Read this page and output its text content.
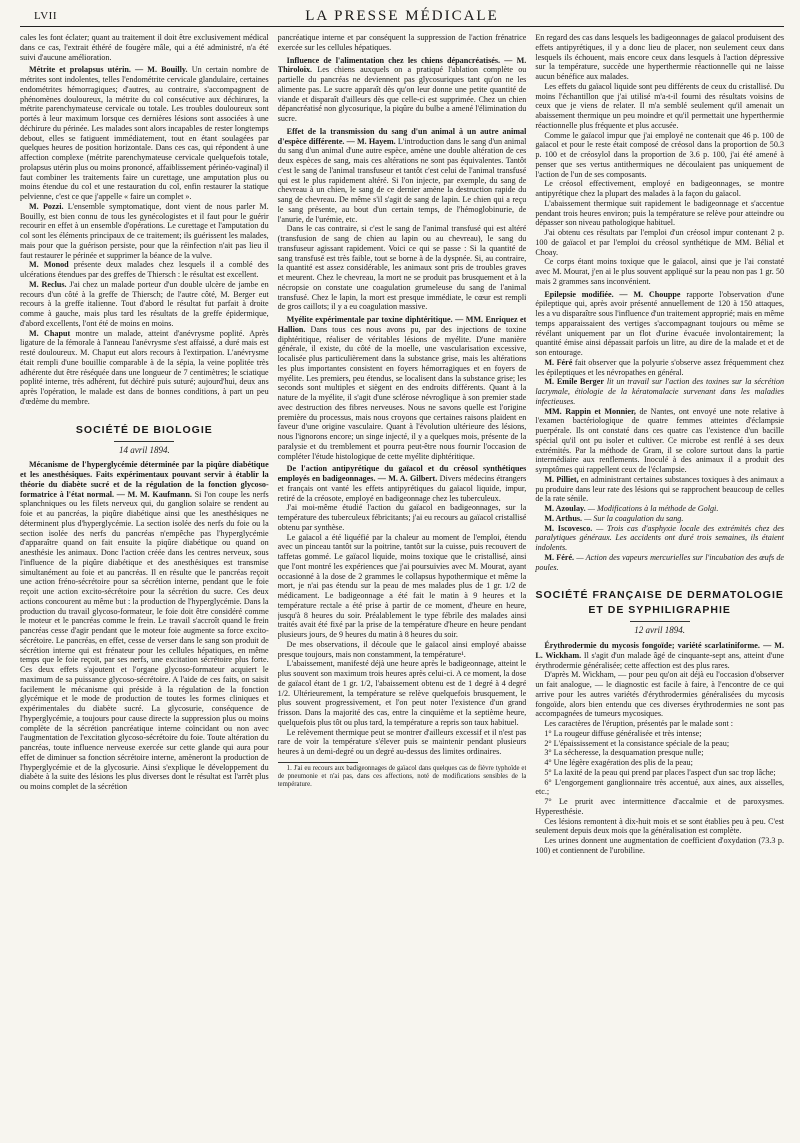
LVII	LA PRESSE MÉDICALE

cales les font éclater; quant au traitement il doit être exclusivement médical dans ce cas, l'extrait éthéré de fougère mâle, qui a été administré, n'a été suivi d'aucune amélioration.

Métrite et prolapsus utérin. — M. Bouilly. Un certain nombre de métrites sont indolentes, telles l'endométrite cervicale glandulaire, certaines endométrites hémorragiques; d'autres, au contraire, s'accompagnent de phénomènes douloureux, la métrite du col consécutive aux déchirures, la métrite parenchymateuse cervicale ou totale. Les troubles douloureux sont portés à leur maximum lorsque ces dernières lésions sont associées à une déchirure du périnée. Les malades sont alors incapables de rester longtemps debout, elles se fatiguent immédiatement, tout en étant soulagées par quelques heures de position horizontale. Dans ces cas, qui répondent à une affection complexe (métrite parenchymateuse cervicale quelquefois totale, prolapsus utérin plus ou moins prononcé, affaiblissement périnéo-vaginal) il faut combiner les traitements faire un curettage, une amputation plus ou moins étendue du col et une restauration du col, enfin restaurer la statique pelvienne, c'est ce que j'appelle « faire un complet ».

M. Pozzi. L'ensemble symptomatique, dont vient de nous parler M. Bouilly, est bien connu de tous les gynécologistes et il faut pour le guérir recourir en effet à un ensemble d'opérations. Le curettage et l'amputation du col sont les éléments principaux de ce traitement; ils guérissent les malades, mais pour que la guérison persiste, pour que la réinfection n'ait pas lieu il faut restaurer le périnée et supprimer la béance de la vulve.

M. Monod présente deux malades chez lesquels il a comblé des ulcérations étendues par des greffes de Thiersch : le résultat est excellent.

M. Reclus. J'ai chez un malade porteur d'un double ulcère de jambe en recours d'un côté à la greffe de Thiersch; de l'autre côté, M. Berger eut recours à la greffe italienne. Tout d'abord le résultat fut parfait à droite comme à gauche, mais plus tard les résultats de la greffe épidermique, d'abord excellents, l'ont été de moins en moins.

M. Chaput montre un malade, atteint d'anévrysme poplité. Après ligature de la fémorale à l'anneau l'anévrysme s'est affaissé, a duré mais est resté douloureux. M. Chaput eut alors recours à l'extirpation. L'anévrysme était rempli d'une bouillie comparable à de la sépia, la veine poplitée très adhérente dut être réséquée dans une longueur de 7 centimètres; le sciatique poplité interne, très adhérent, fut déchiré puis suturé; aujourd'hui, deux ans après l'opération, le malade est dans de bonnes conditions, à part un peu d'œdème du membre.

SOCIÉTÉ DE BIOLOGIE
14 avril 1894.

Mécanisme de l'hyperglycémie déterminée par la piqûre diabétique et les anesthésiques. Faits expérimentaux pouvant servir à établir la théorie du diabète sucré et de la régulation de la fonction glycoso-formatrice à l'état normal. — M. M. Kaufmann. Si l'on coupe les nerfs splanchniques ou les filets nerveux qui, du ganglion solaire se rendent au foie et au pancréas, la piqûre diabétique ainsi que les anesthésiques ne déterminent plus d'hyperglycémie. La section isolée des nerfs du foie ou la section isolée des nerfs du pancréas n'empêche pas l'hyperglycémie d'apparaître quand on fait ensuite la piqûre diabétique ou quand on anesthésie les animaux. Donc l'action créée dans les centres nerveux, sous l'influence de la piqûre diabétique et des anesthésiques est transmise simultanément au foie et au pancréas. Il en résulte que le pancréas reçoit une action fréno-sécrétoire pour sa sécrétion interne, pendant que le foie reçoit une action excito-sécrétoire pour la sécrétion du sucre. Ces deux actions concourent au même but : la production de l'hyperglycémie. Dans la production du travail glycoso-formateur, le foie doit être considéré comme le moteur et le pancréas comme le frein. Le travail s'accroît quand le frein pancréas cesse d'agir pendant que le moteur foie augmente sa force excito-sécrétoire. Le pancréas, en effet, cesse de verser dans le sang son produit de sécrétion interne qui est frénateur pour les cellules hépatiques, en même temps que le foie reçoit, par ses nerfs, une excitation sécrétoire plus forte. Ces deux effets s'ajoutent et l'organe glycoso-formateur acquiert le maximum de sa puissance glycoso-sécrétoire. A l'aide de ces faits, on saisit facilement le mécanisme qui préside à la régulation de la fonction glycémique et le mode de production de toutes les formes cliniques et expérimentales du diabète sucré. La glycosurie, conséquence de l'hyperglycémie, a toujours pour cause directe la suppression plus ou moins complète de la sécrétion pancréatique interne coïncidant ou non avec l'augmentation de l'excitation glycoso-sécrétoire du foie. Toute altération du pancréas, toute influence nerveuse exercée sur cette glande qui aura pour effet de diminuer sa fonction sécrétoire interne, amèneront la production de l'hyperglycémie et de la glycosurie. Ainsi s'explique le développement du diabète à la suite des lésions les plus diverses dont le résultat est l'arrêt plus ou moins complet de la sécrétion

pancréatique interne et par conséquent la suppression de l'action frénatrice exercée sur les cellules hépatiques.

Influence de l'alimentation chez les chiens dépancréatisés. — M. Thiroloix. Les chiens auxquels on a pratiqué l'ablation complète ou partielle du pancréas ne deviennent pas glycosuriques tant qu'on ne les alimente pas. Le sucre apparaît dès qu'on leur donne une petite quantité de viande et disparaît d'ailleurs dès que celle-ci est supprimée. Chez un chien dépancréatisé non glycosurique, la piqûre du bulbe a amené l'élimination du sucre.

Effet de la transmission du sang d'un animal à un autre animal d'espèce différente. — M. Hayem. L'introduction dans le sang d'un animal du sang d'un animal d'une autre espèce, amène une double altération de ces deux espèces de sang, mais ces altérations ne sont pas équivalentes. Tantôt c'est le sang de l'animal transfuseur et tantôt c'est celui de l'animal transfusé qui est le plus rapidement altéré. Si l'on injecte, par exemple, du sang de chevreau à un chien, le sang de ce dernier amène la destruction rapide du sang de chevreau. De même s'il s'agit de sang de lapin. Le chien qui a reçu le sang présente, au bout d'un certain temps, de l'hémoglobinurie, de l'anurie, de l'urémie, etc.

Dans le cas contraire, si c'est le sang de l'animal transfusé qui est altéré (transfusion de sang de chien au lapin ou au chevreau), le sang du transfuseur agissant rapidement. Voici ce qui se passe : Si la quantité de sang transfusé est très faible, tout se borne à de la dyspnée. Si, au contraire, la quantité est assez considérable, les animaux sont pris de troubles graves et meurent. Chez le chevreau, la mort ne se produit pas brusquement et à la nécropsie on constate une coagulation grumeleuse du sang de l'animal transfusé. Chez le lapin, la mort est presque immédiate, le cœur est rempli de gros caillots; il y a eu coagulation massive.

Myélite expérimentale par toxine diphtéritique. — MM. Enriquez et Hallion. Dans tous ces nous avons pu, par des injections de toxine diphtéritique, réaliser de véritables lésions de myélite. D'une manière générale, il existe, du côté de la moelle, une vascularisation excessive, localisée plus particulièrement dans la substance grise, mais les altérations les plus importantes consistent en foyers hémorragiques et en foyers de myélite. Les premiers, peu étendus, se localisent dans la substance grise; les seconds sont multiples et siègent en des endroits différents. Quant à la nature de la myélite, il s'agit d'une sclérose névroglique à son premier stade avec destruction des fibres nerveuses. Nous ne savons quelle est l'origine première du processus, mais nous croyons que certaines raisons plaident en faveur d'une origine vasculaire. Quant à l'évolution ultérieure des lésions, nous l'ignorons encore; un singe injecté, il y a quelques mois, présente de la paralysie et du tremblement et pourra peut-être nous fournir l'occasion de compléter l'étude histologique de cette myélite diphtéritique.

De l'action antipyrétique du gaïacol et du créosol synthétiques employés en badigeonnages. — M. A. Gilbert. Divers médecins étrangers et français ont vanté les effets antipyrétiques du gaïacol liquide, impur, retiré de la créosote, employé en badigeonnage chez les tuberculeux.

J'ai moi-même étudié l'action du gaïacol en badigeonnages, sur la température des tuberculeux fébricitants; j'ai eu recours au gaïacol cristallisé obtenu par synthèse.

Le gaïacol a été liquéfié par la chaleur au moment de l'emploi, étendu avec un pinceau tantôt sur la poitrine, tantôt sur la cuisse, puis recouvert de taffetas gommé. Le gaïacol liquide, moins toxique que le cristallisé, ainsi que l'ont montré les expériences que j'ai poursuivies avec M. Mourat, ayant occasionné à la dose de 2 grammes le collapsus hypothermique et même la mort, je n'ai pas étendu sur la peau de mes malades plus de 1 gr. 1/2 de médicament. Le badigeonnage a été fait le matin à 9 heures et la température rectale a été prise à partir de ce moment, d'heure en heure, jusqu'à 8 heures du soir. Préalablement le type fébrile des malades ainsi traités avait été fixé par la prise de la température d'heure en heure pendant plusieurs jours, de 9 heures du matin à 8 heures du soir.

De mes observations, il découle que le gaïacol ainsi employé abaisse presque toujours, mais non constamment, la température¹.

L'abaissement, manifesté déjà une heure après le badigeonnage, atteint le plus souvent son maximum trois heures après celui-ci. A ce moment, la dose de gaïacol étant de 1 gr. 1/2, l'abaissement obtenu est de 1 degré à 4 degré 1/2. Ultérieurement, la température se relève quelquefois brusquement, le plus souvent progressivement, et l'on peut noter l'existence d'un grand frisson. Dans la majorité des cas, entre la cinquième et la septième heure, quelquefois plus tôt ou plus tard, la température a repris son taux habituel.

Le relèvement thermique peut se montrer d'ailleurs excessif et il n'est pas rare de voir la température s'élever puis se maintenir pendant plusieurs heures à un demi-degré ou un degré au-dessus des limites ordinaires.

1. J'ai eu recours aux badigeonnages de gaïacol dans quelques cas de fièvre typhoïde et de pneumonie et n'ai pas, dans ces affections, noté de modifications sensibles de la température.

En regard des cas dans lesquels les badigeonnages de gaïacol produisent des effets antipyrétiques, il y a donc lieu de placer, non seulement ceux dans lesquels ils échouent, mais encore ceux dans lesquels à l'action dépressive sur la température, succède une hyperthermie réactionnelle qui ne laisse aucun bénéfice aux malades.

Les effets du gaïacol liquide sont peu différents de ceux du cristallisé. Du moins l'échantillon que j'ai utilisé m'a-t-il fourni des résultats voisins de ceux que je viens de relater. Il m'a semblé seulement qu'il amenait un abaissement thermique un peu moindre et qu'il permettait une hyperthermie réactionnelle plus fréquente et plus accusée.

Comme le gaïacol impur que j'ai employé ne contenait que 46 p. 100 de gaïacol et pour le reste était composé de créosol dans la proportion de 50.3 p. 100 et de créosylol dans la proportion de 3.6 p. 100, j'ai été amené à penser que ses vertus antithermiques ne découlaient pas uniquement de l'action de l'un de ses composants.

Le créosol effectivement, employé en badigeonnages, se montre antipyrétique chez la plupart des malades à la façon du gaïacol.

L'abaissement thermique suit rapidement le badigeonnage et s'accentue pendant trois heures environ; puis la température se relève pour atteindre ou dépasser son niveau pathologique habituel.

J'ai obtenu ces résultats par l'emploi d'un créosol impur contenant 2 p. 100 de gaïacol et par l'emploi du créosol synthétique de MM. Bélial et Choay.

Ce corps étant moins toxique que le gaïacol, ainsi que je l'ai constaté avec M. Mourat, j'en ai le plus souvent appliqué sur la peau non pas 1 gr. 50 mais 2 grammes sans inconvénient.

Epilepsie modifiée. — M. Chouppe rapporte l'observation d'une épileptique qui, après avoir présenté annuellement de 120 à 150 attaques, les a vu disparaître sous l'influence d'un traitement approprié; mais en même temps apparaissaient des vertiges s'accompagnant toujours ou même se révélant uniquement par un flot d'urine évacuée involontairement; la quantité émise ainsi dépassait parfois un litre, au dire de la malade et et de son entourage.

M. Féré fait observer que la polyurie s'observe assez fréquemment chez les épileptiques et les névropathes en général.

M. Emile Berger lit un travail sur l'action des toxines sur la sécrétion lacrymale, étiologie de la kératomalacie survenant dans les maladies infectieuses.

MM. Rappin et Monnier, de Nantes, ont envoyé une note relative à l'examen bactériologique de quatre femmes atteintes d'éclampsie puerpérale. Ils ont constaté dans ces quatre cas l'existence d'un bacille spécial qu'il ont pu isoler et cultiver. Ce microbe est renflé à ses deux extrémités. Par la méthode de Gram, il se colore surtout dans la partie intermédiaire aux renflements. Inoculé à des animaux il a produit des symptômes qui rappellent ceux de l'éclampsie.

M. Pilliet, en administrant certaines substances toxiques à des animaux a pu produire dans leur rate des lésions qui se rapprochent beaucoup de celles de la rate sénile.

M. Azoulay. — Modifications à la méthode de Golgi.

M. Arthus. — Sur la coagulation du sang.

M. Iscovesco. — Trois cas d'asphyxie locale des extrémités chez des paralytiques généraux. Les accidents ont duré trois semaines, ils étaient indolents.

M. Féré. — Action des vapeurs mercurielles sur l'incubation des œufs de poules.

SOCIÉTÉ FRANÇAISE DE DERMATOLOGIE
ET DE SYPHILIGRAPHIE
12 avril 1894.

Érythrodermie du mycosis fongoïde; variété scarlatiniforme. — M. L. Wickham. Il s'agit d'un malade âgé de cinquante-sept ans, atteint d'une érythrodermie généralisée; cette affection est des plus rares.

D'après M. Wickham, — pour peu qu'on ait déjà eu l'occasion d'observer un fait analogue, — le diagnostic est facile à faire, à l'encontre de ce qui arrive pour les autres variétés d'érythrodermies généralisées du mycosis fongoïde, alors bien entendu que ces diverses érythrodermies ne sont pas accompagnées de tumeurs mycosiques.

Les caractères de l'éruption, présentés par le malade sont :

1° La rougeur diffuse généralisée et très intense;

2° L'épaississement et la consistance spéciale de la peau;

3° La sécheresse, la desquamation presque nulle;

4° Une légère exagération des plis de la peau;

5° La laxité de la peau qui prend par places l'aspect d'un sac trop lâche;

6° L'engorgement ganglionnaire très accentué, aux aines, aux aisselles, etc.;

7° Le prurit avec intermittence d'accalmie et de paroxysmes. Hyperesthésie.

Ces lésions remontent à dix-huit mois et se sont établies peu à peu. C'est seulement depuis deux mois que la généralisation est complète.

Les urines donnent une augmentation de coefficient d'oxydation (73.3 p. 100) et contiennent de l'urobiline.
